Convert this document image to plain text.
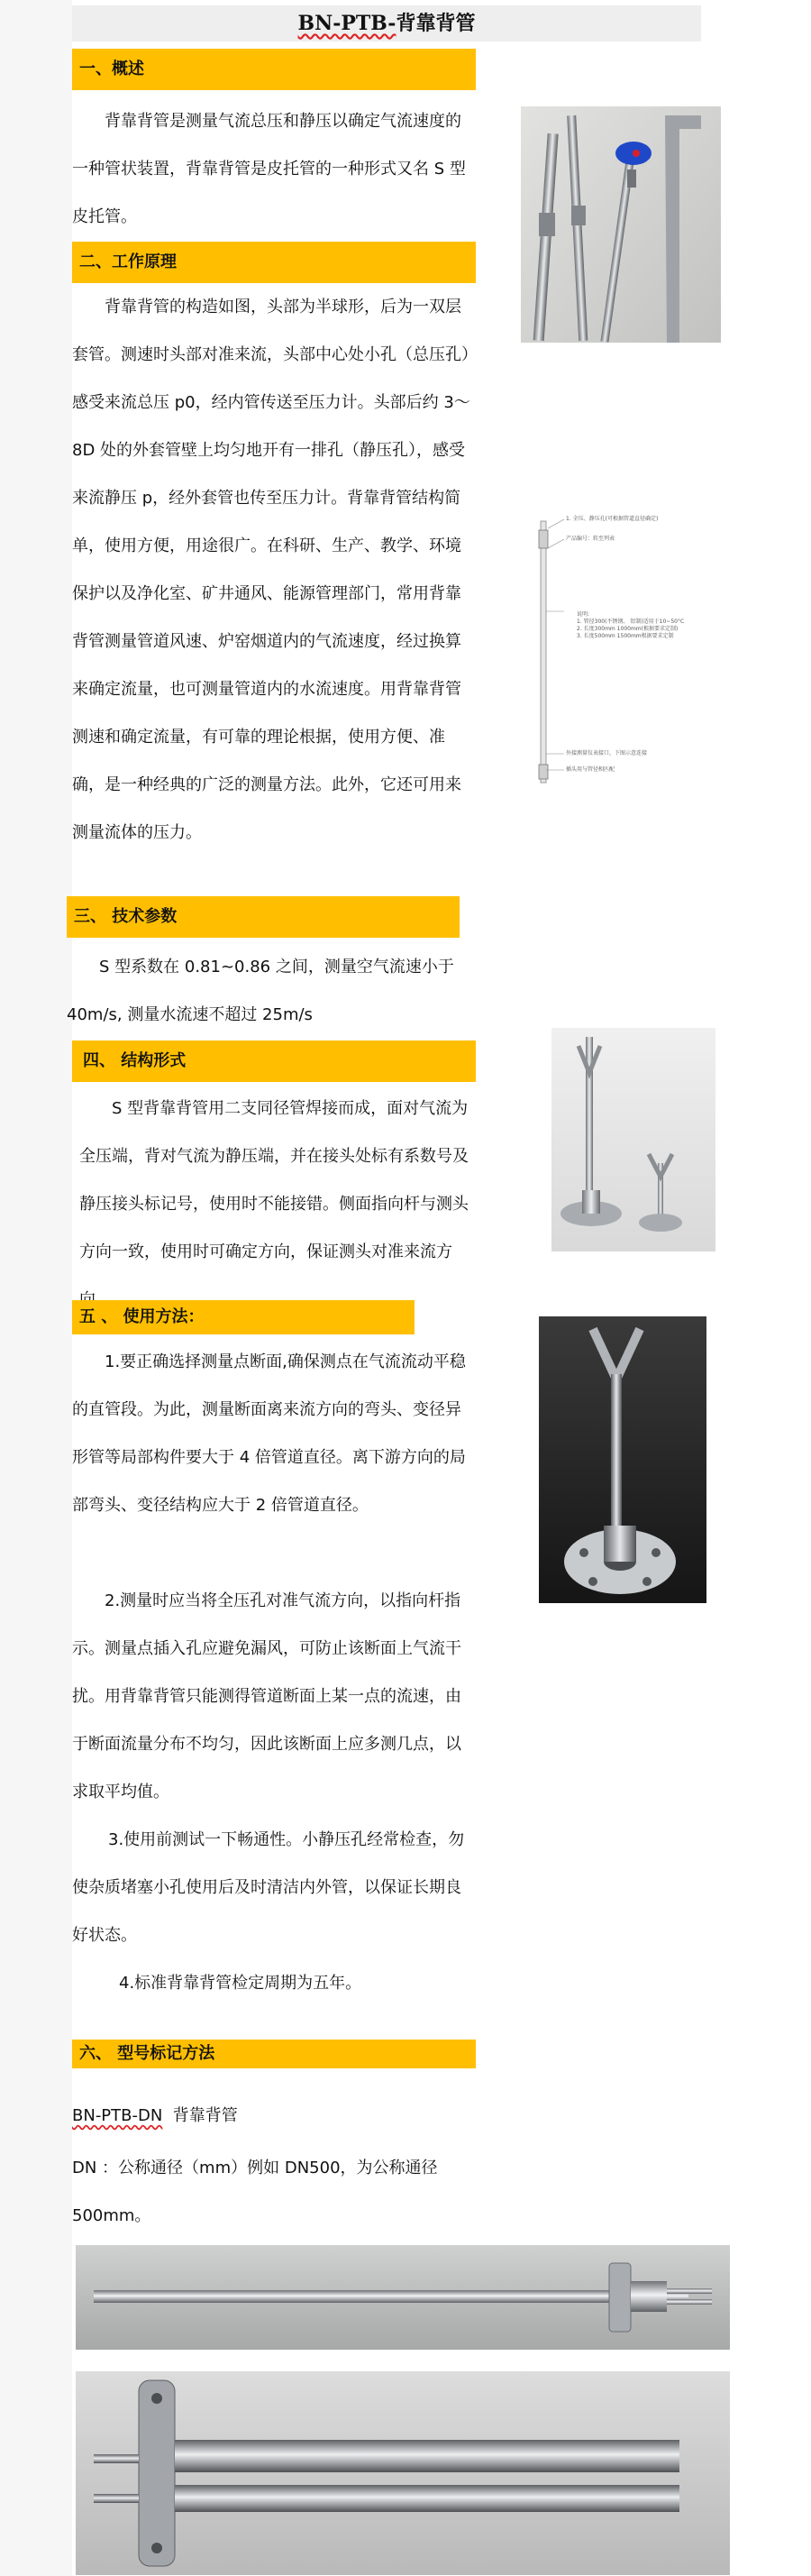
BN-PTB-背靠背管
一、概述
背靠背管是测量气流总压和静压以确定气流速度的一种管状装置，背靠背管是皮托管的一种形式又名 S 型皮托管。
二、工作原理
背靠背管的构造如图，头部为半球形，后为一双层套管。测速时头部对准来流，头部中心处小孔（总压孔）感受来流总压 p0，经内管传送至压力计。头部后约 3～8D 处的外套管壁上均匀地开有一排孔（静压孔），感受来流静压 p，经外套管也传至压力计。背靠背管结构简单，使用方便，用途很广。在科研、生产、教学、环境保护以及净化室、矿井通风、能源管理部门，常用背靠背管测量管道风速、炉窑烟道内的气流速度，经过换算来确定流量，也可测量管道内的水流速度。用背靠背管测速和确定流量，有可靠的理论根据，使用方便、准确，是一种经典的广泛的测量方法。此外，它还可用来测量流体的压力。
1. 全压、静压孔(可根据管道直径确定)
产品编号：转至列表
说明:
1. 管径300(不锈钢、 铝制)适用于10~50°C
2. 长度300mm 1000mm(根据要求定制)
3. 长度500mm 1500mm根据要求定制
外接测量仪表接口，下图示意连接
插头用与管径相匹配
三、 技术参数
S 型系数在 0.81~0.86 之间，测量空气流速小于 40m/s, 测量水流速不超过 25m/s
四、 结构形式
S 型背靠背管用二支同径管焊接而成，面对气流为全压端，背对气流为静压端，并在接头处标有系数号及静压接头标记号，使用时不能接错。侧面指向杆与测头方向一致，使用时可确定方向，保证测头对准来流方
五 、 使用方法：
1.要正确选择测量点断面,确保测点在气流流动平稳的直管段。为此，测量断面离来流方向的弯头、变径异形管等局部构件要大于 4 倍管道直径。离下游方向的局部弯头、变径结构应大于 2 倍管道直径。
2.测量时应当将全压孔对准气流方向，以指向杆指示。测量点插入孔应避免漏风，可防止该断面上气流干扰。用背靠背管只能测得管道断面上某一点的流速，由于断面流量分布不均匀，因此该断面上应多测几点，以求取平均值。
3.使用前测试一下畅通性。小静压孔经常检查，勿使杂质堵塞小孔使用后及时清洁内外管，以保证长期良好状态。
4.标准背靠背管检定周期为五年。
六、 型号标记方法
BN-PTB-DN 背靠背管
DN ：公称通径（mm）例如 DN500，为公称通径 500mm。
